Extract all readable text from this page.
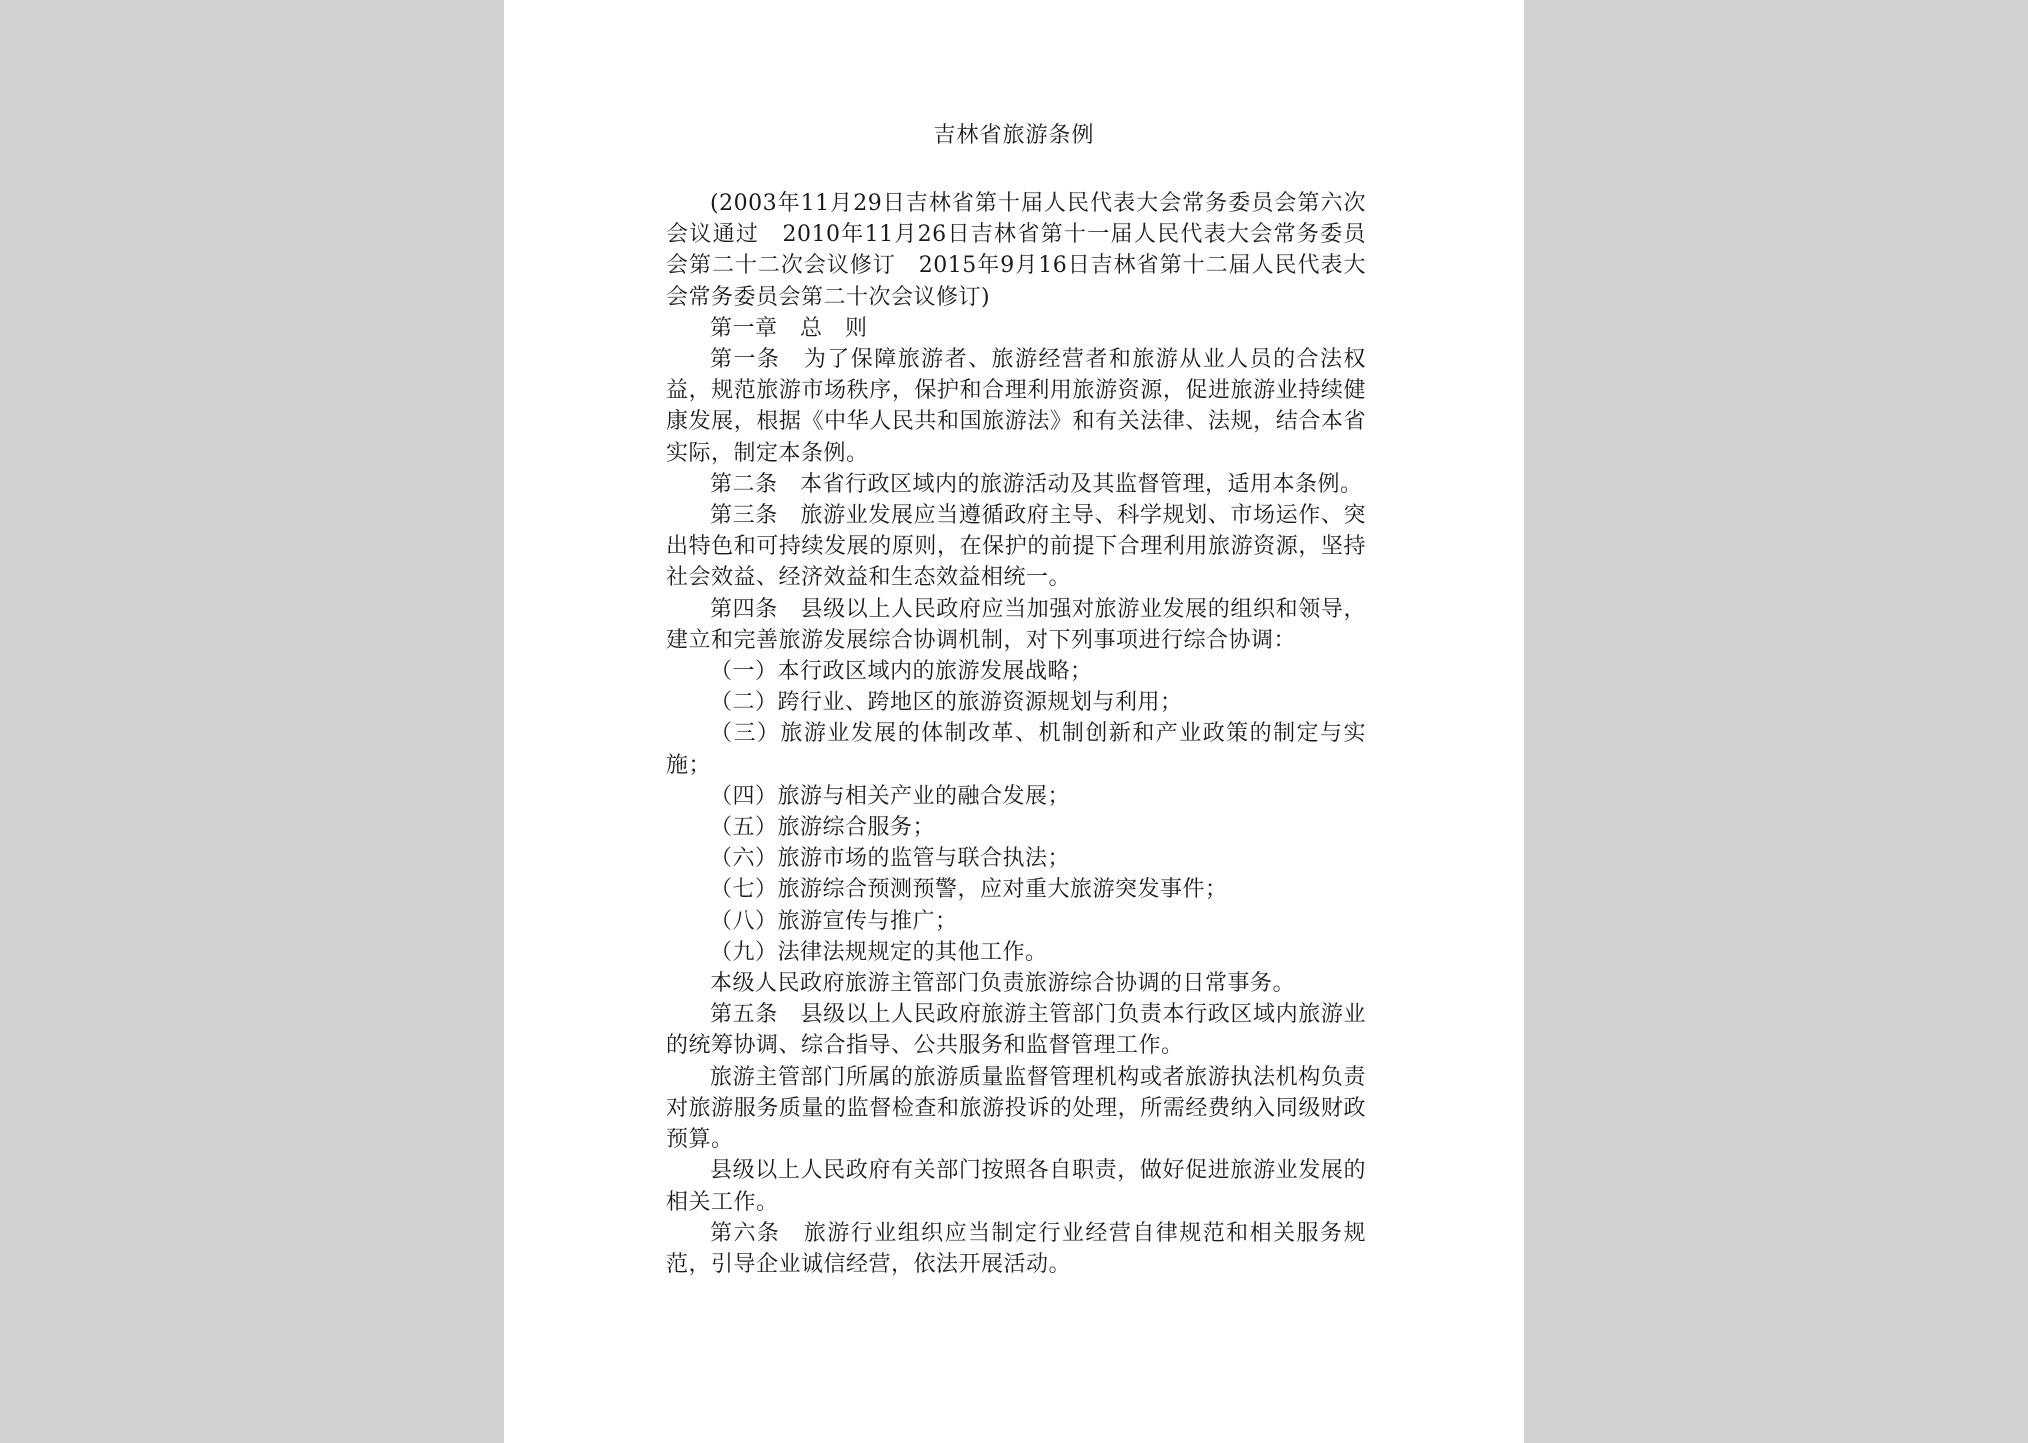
吉林省旅游条例

(2003年11月29日吉林省第十届人民代表大会常务委员会第六次会议通过　2010年11月26日吉林省第十一届人民代表大会常务委员会第二十二次会议修订　2015年9月16日吉林省第十二届人民代表大会常务委员会第二十次会议修订)

第一章　总　则

第一条　为了保障旅游者、旅游经营者和旅游从业人员的合法权益，规范旅游市场秩序，保护和合理利用旅游资源，促进旅游业持续健康发展，根据《中华人民共和国旅游法》和有关法律、法规，结合本省实际，制定本条例。

第二条　本省行政区域内的旅游活动及其监督管理，适用本条例。

第三条　旅游业发展应当遵循政府主导、科学规划、市场运作、突出特色和可持续发展的原则，在保护的前提下合理利用旅游资源，坚持社会效益、经济效益和生态效益相统一。

第四条　县级以上人民政府应当加强对旅游业发展的组织和领导，建立和完善旅游发展综合协调机制，对下列事项进行综合协调：

（一）本行政区域内的旅游发展战略；

（二）跨行业、跨地区的旅游资源规划与利用；

（三）旅游业发展的体制改革、机制创新和产业政策的制定与实施；

（四）旅游与相关产业的融合发展；

（五）旅游综合服务；

（六）旅游市场的监管与联合执法；

（七）旅游综合预测预警，应对重大旅游突发事件；

（八）旅游宣传与推广；

（九）法律法规规定的其他工作。

本级人民政府旅游主管部门负责旅游综合协调的日常事务。

第五条　县级以上人民政府旅游主管部门负责本行政区域内旅游业的统筹协调、综合指导、公共服务和监督管理工作。

旅游主管部门所属的旅游质量监督管理机构或者旅游执法机构负责对旅游服务质量的监督检查和旅游投诉的处理，所需经费纳入同级财政预算。

县级以上人民政府有关部门按照各自职责，做好促进旅游业发展的相关工作。

第六条　旅游行业组织应当制定行业经营自律规范和相关服务规范，引导企业诚信经营，依法开展活动。
